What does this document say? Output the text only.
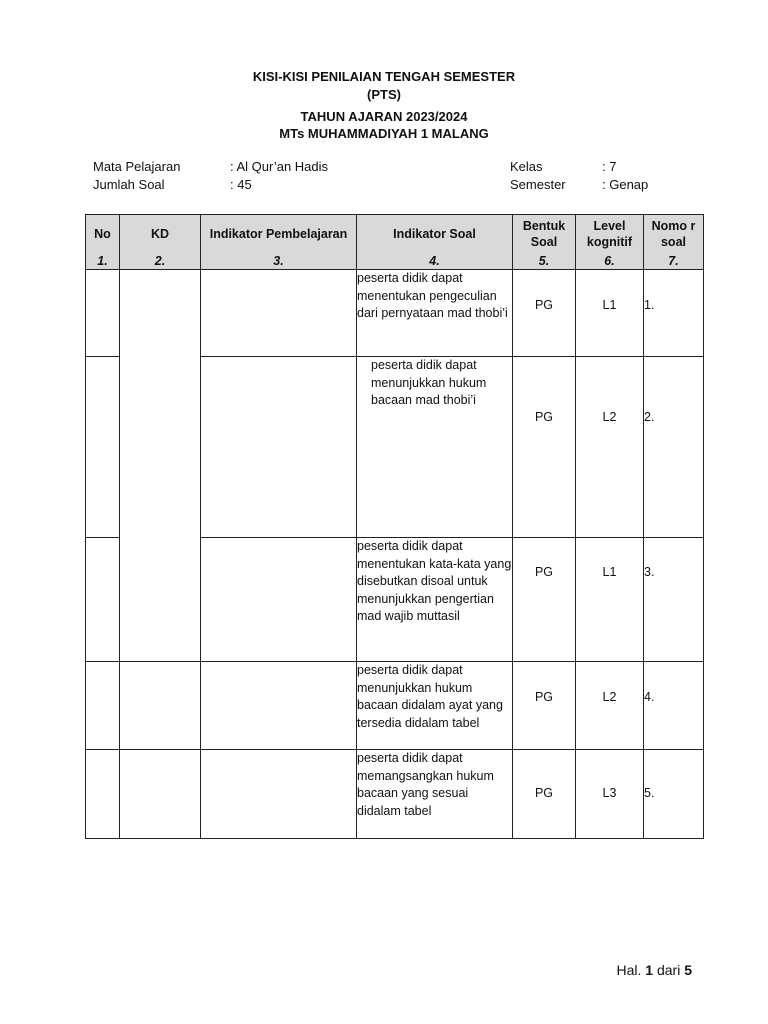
KISI-KISI PENILAIAN TENGAH SEMESTER
(PTS)
TAHUN AJARAN 2023/2024
MTs MUHAMMADIYAH 1 MALANG
Mata Pelajaran	: Al Qur’an Hadis
Jumlah Soal	: 45
Kelas	: 7
Semester	: Genap
No	KD	Indikator Pembelajaran	Indikator Soal	Bentuk Soal	Level kognitif	Nomo r soal
1.	2.	3.	4.	5.	6.	7.
			peserta didik dapat menentukan pengeculian dari pernyataan mad thobi’i	PG	L1	1.
			peserta didik dapat menunjukkan hukum bacaan mad thobi’i	PG	L2	2.
			peserta didik dapat menentukan kata-kata yang disebutkan disoal untuk menunjukkan pengertian mad wajib muttasil	PG	L1	3.
			peserta didik dapat menunjukkan hukum bacaan didalam ayat yang tersedia didalam tabel	PG	L2	4.
			peserta didik dapat memangsangkan hukum bacaan yang sesuai didalam tabel	PG	L3	5.
Hal. 1 dari 5
